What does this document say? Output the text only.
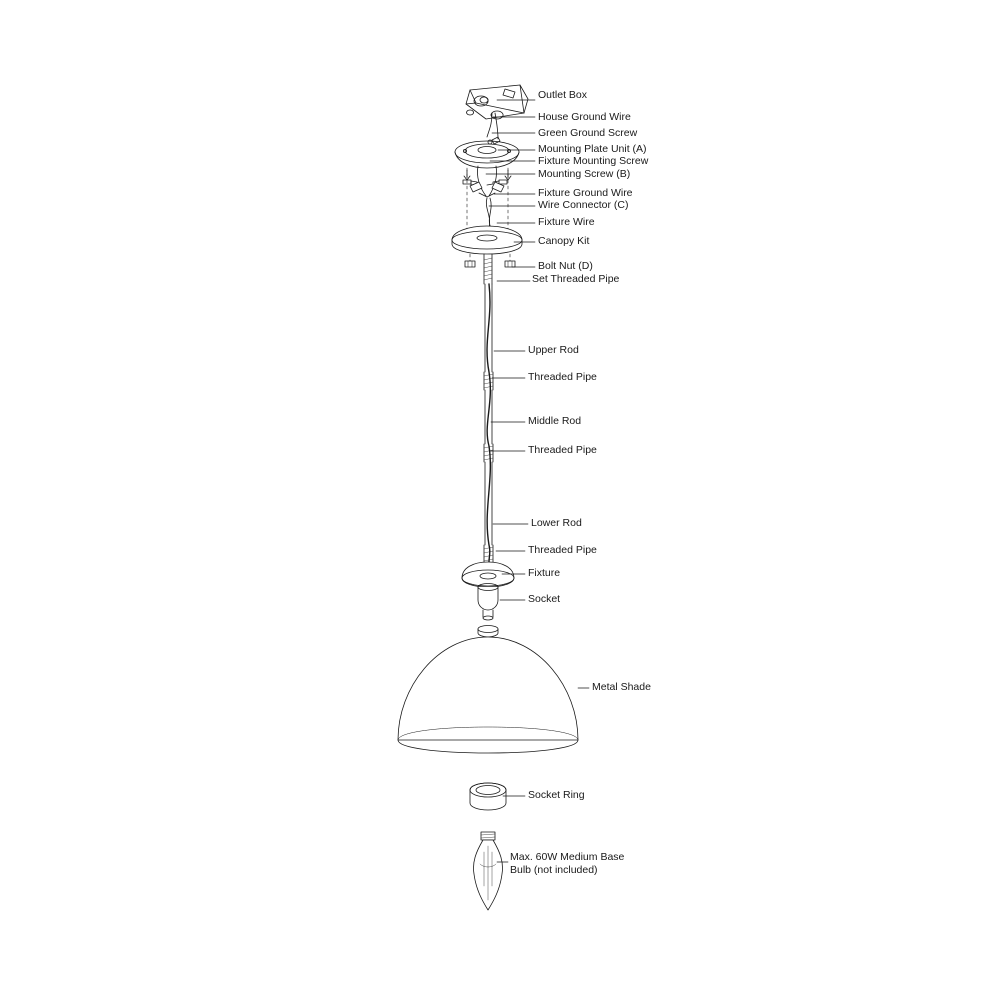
Outlet Box
House Ground Wire
Green Ground Screw
Mounting Plate Unit (A)
Fixture Mounting Screw
Mounting Screw (B)
Fixture Ground Wire
Wire Connector (C)
Fixture Wire
Canopy Kit
Bolt Nut (D)
Set Threaded Pipe
Upper Rod
Threaded Pipe
Middle Rod
Threaded Pipe
Lower Rod
Threaded Pipe
Fixture
Socket
Metal Shade
Socket Ring
Max. 60W Medium Base
Bulb (not included)
